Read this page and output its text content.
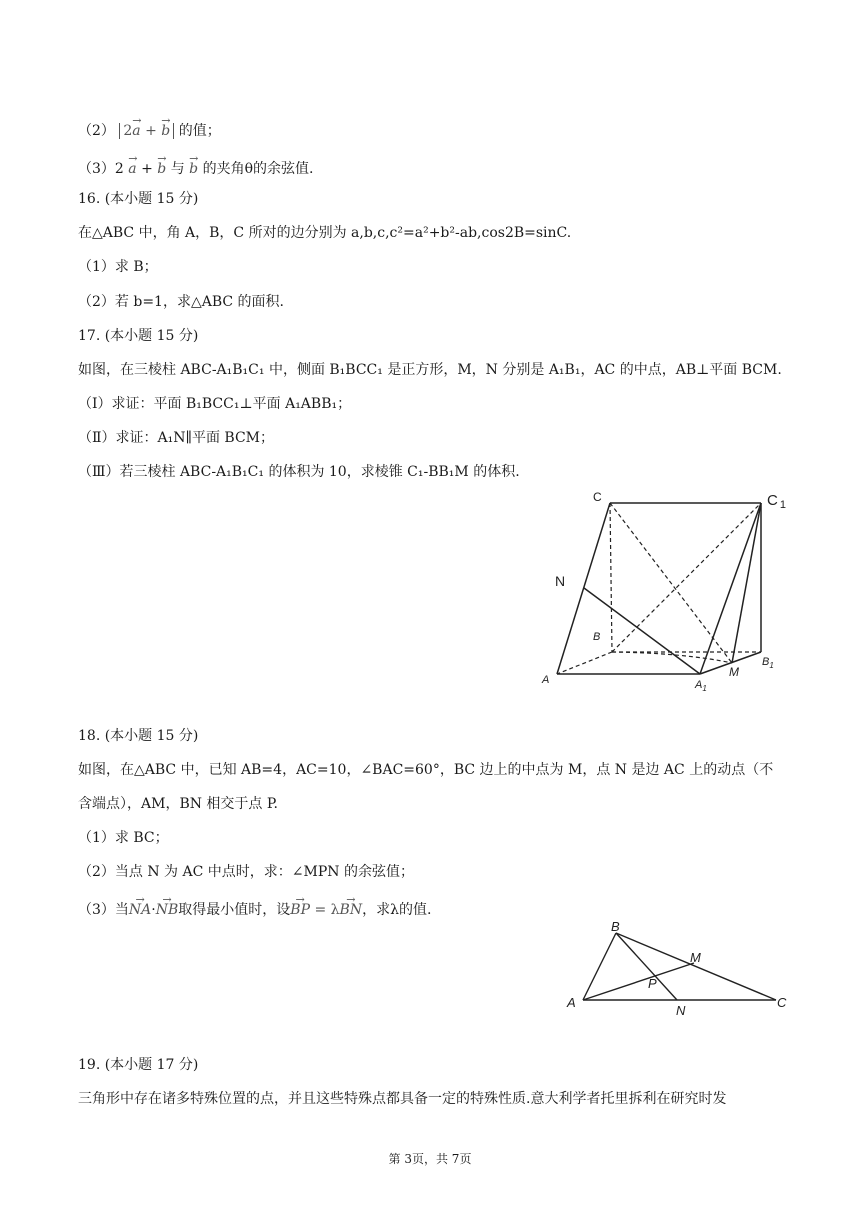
（2） 2→ a + → b 的值；
（3）2 → a + → b 与 → b 的夹角θ的余弦值.
16. (本小题 15 分)
在△ABC 中，角 A，B，C 所对的边分别为 a,b,c,c²=a²+b²-ab,cos2B=sinC.
（1）求 B；
（2）若 b=1，求△ABC 的面积.
17. (本小题 15 分)
如图，在三棱柱 ABC-A₁B₁C₁ 中，侧面 B₁BCC₁ 是正方形，M，N 分别是 A₁B₁，AC 的中点，AB⊥平面 BCM.
（Ⅰ）求证：平面 B₁BCC₁⊥平面 A₁ABB₁；
（Ⅱ）求证：A₁N∥平面 BCM；
（Ⅲ）若三棱柱 ABC-A₁B₁C₁ 的体积为 10，求棱锥 C₁-BB₁M 的体积.
C	C $_1$
N
B
$B_1$
A	$A_1$
M
18. (本小题 15 分)
如图，在△ABC 中，已知 AB=4，AC=10，∠BAC=60°，BC 边上的中点为 M，点 N 是边 AC 上的动点（不
含端点），AM，BN 相交于点 P.
（1）求 BC；
（2）当点 N 为 AC 中点时，求：∠MPN 的余弦值；
（3）当→ NA·→ NB取得最小值时，设→ BP = λ→ BN，求λ的值.
B
M
P
A
N
C
19. (本小题 17 分)
三角形中存在诸多特殊位置的点，并且这些特殊点都具备一定的特殊性质.意大利学者托里拆利在研究时发
第 3页，共 7页
